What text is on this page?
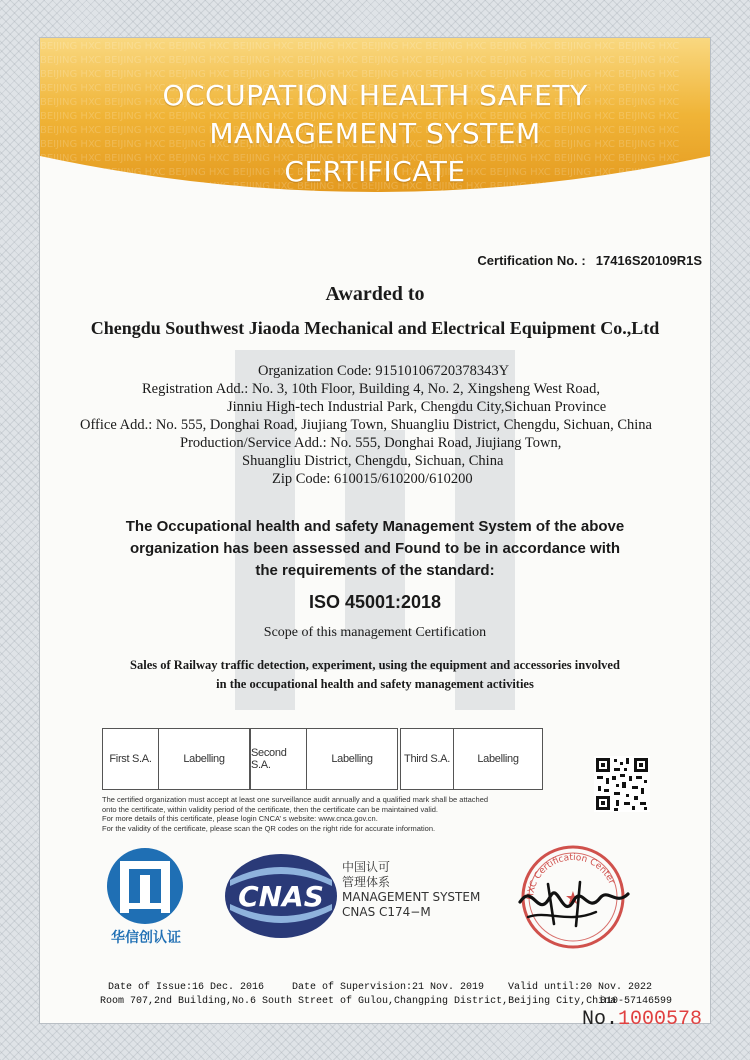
OCCUPATION HEALTH SAFETY
MANAGEMENT SYSTEM
CERTIFICATE
Certification No. : 17416S20109R1S
Awarded to
Chengdu Southwest Jiaoda Mechanical and Electrical Equipment Co.,Ltd
Organization Code: 91510106720378343Y
Registration Add.: No. 3, 10th Floor, Building 4, No. 2, Xingsheng West Road,
Jinniu High-tech Industrial Park, Chengdu City,Sichuan Province
Office Add.: No. 555, Donghai Road, Jiujiang Town, Shuangliu District, Chengdu, Sichuan, China
Production/Service Add.: No. 555, Donghai Road, Jiujiang Town,
Shuangliu District, Chengdu, Sichuan, China
Zip Code: 610015/610200/610200
The Occupational health and safety Management System of the above
organization has been assessed and Found to be in accordance with
the requirements of the standard:
ISO 45001:2018
Scope of this management Certification
Sales of Railway traffic detection, experiment, using the equipment and accessories involved
in the occupational health and safety management activities
First S.A.	Labelling	Second S.A.	Labelling	Third S.A.	Labelling
The certified organization must accept at least one surveillance audit annually and a qualified mark shall be attached
onto the certificate, within validity period of the certificate, then the certificate can be maintained valid.
For more details of this certificate, please login CNCA’ s website: www.cnca.gov.cn.
For the validity of the certificate, please scan the QR codes on the right ride for accurate information.
华信创认证
CNAS
中国认可
管理体系
MANAGEMENT SYSTEM
CNAS C174−M
HXC Certification Center
★
Date of Issue:16 Dec. 2016	Date of Supervision:21 Nov. 2019 Valid until:20 Nov. 2022
Room 707,2nd Building,No.6 South Street of Gulou,Changping District,Beijing City,China
010-57146599
No.1000578
